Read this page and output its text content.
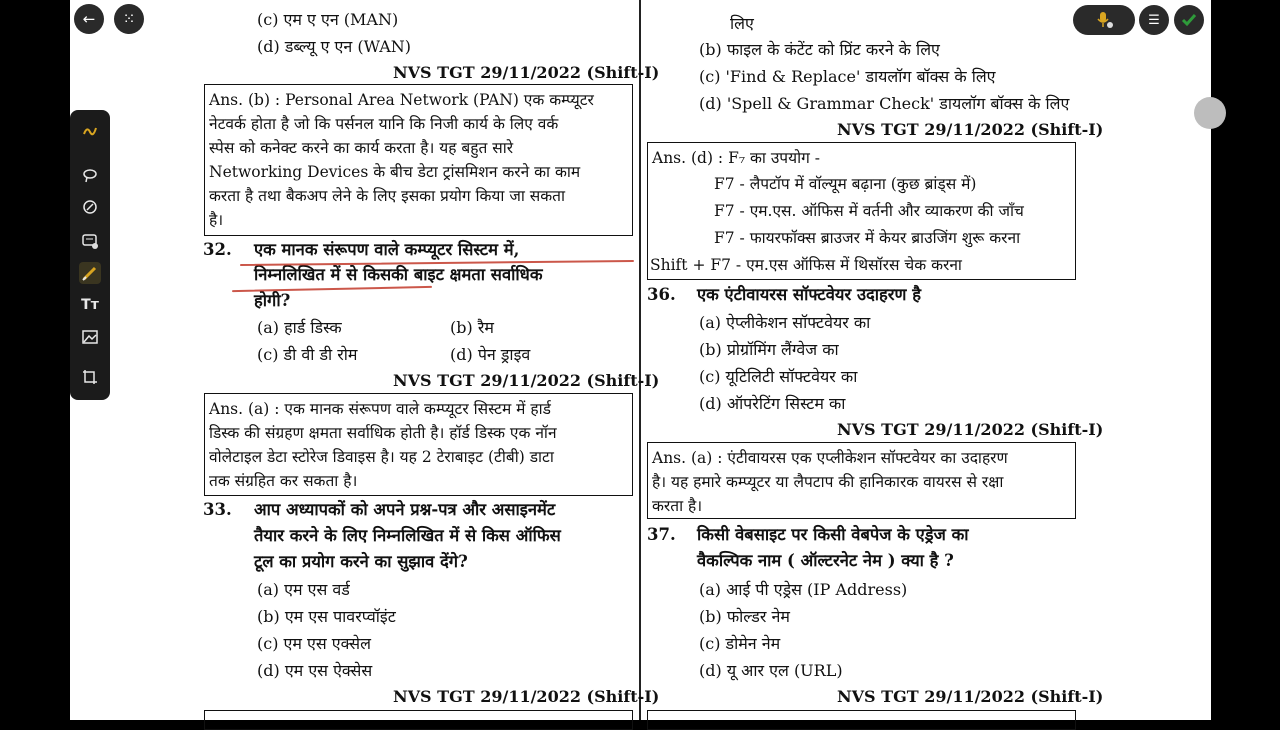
(c) एम ए एन (MAN)
(d) डब्ल्यू ए एन (WAN)
NVS TGT 29/11/2022 (Shift-I)
Ans. (b) : Personal Area Network (PAN) एक कम्प्यूटर
नेटवर्क होता है जो कि पर्सनल यानि कि निजी कार्य के लिए वर्क
स्पेस को कनेक्ट करने का कार्य करता है। यह बहुत सारे
Networking Devices के बीच डेटा ट्रांसमिशन करने का काम
करता है तथा बैकअप लेने के लिए इसका प्रयोग किया जा सकता
है।
32. एक मानक संरूपण वाले कम्प्यूटर सिस्टम में,
निम्नलिखित में से किसकी बाइट क्षमता सर्वाधिक
होगी?
(a) हार्ड डिस्क	(b) रैम
(c) डी वी डी रोम	(d) पेन ड्राइव
NVS TGT 29/11/2022 (Shift-I)
Ans. (a) : एक मानक संरूपण वाले कम्प्यूटर सिस्टम में हार्ड
डिस्क की संग्रहण क्षमता सर्वाधिक होती है। हॉर्ड डिस्क एक नॉन
वोलेटाइल डेटा स्टोरेज डिवाइस है। यह 2 टेराबाइट (टीबी) डाटा
तक संग्रहित कर सकता है।
33. आप अध्यापकों को अपने प्रश्न-पत्र और असाइनमेंट
तैयार करने के लिए निम्नलिखित में से किस ऑफिस
टूल का प्रयोग करने का सुझाव देंगे?
(a) एम एस वर्ड
(b) एम एस पावरप्वॉइंट
(c) एम एस एक्सेल
(d) एम एस ऐक्सेस
NVS TGT 29/11/2022 (Shift-I)
लिए
(b) फाइल के कंटेंट को प्रिंट करने के लिए
(c) 'Find & Replace' डायलॉग बॉक्स के लिए
(d) 'Spell & Grammar Check' डायलॉग बॉक्स के लिए
NVS TGT 29/11/2022 (Shift-I)
Ans. (d) : F₇ का उपयोग -
F7 - लैपटॉप में वॉल्यूम बढ़ाना (कुछ ब्रांड्स में)
F7 - एम.एस. ऑफिस में वर्तनी और व्याकरण की जाँच
F7 - फायरफॉक्स ब्राउजर में केयर ब्राउजिंग शुरू करना
Shift + F7 - एम.एस ऑफिस में थिसॉरस चेक करना
36. एक एंटीवायरस सॉफ्टवेयर उदाहरण है
(a) ऐप्लीकेशन सॉफ्टवेयर का
(b) प्रोग्रॉमिंग लैंग्वेज का
(c) यूटिलिटी सॉफ्टवेयर का
(d) ऑपरेटिंग सिस्टम का
NVS TGT 29/11/2022 (Shift-I)
Ans. (a) : एंटीवायरस एक एप्लीकेशन सॉफ्टवेयर का उदाहरण
है। यह हमारे कम्प्यूटर या लैपटाप की हानिकारक वायरस से रक्षा
करता है।
37. किसी वेबसाइट पर किसी वेबपेज के एड्रेज का
वैकल्पिक नाम ( ऑल्टरनेट नेम ) क्या है ?
(a) आई पी एड्रेस (IP Address)
(b) फोल्डर नेम
(c) डोमेन नेम
(d) यू आर एल (URL)
NVS TGT 29/11/2022 (Shift-I)
← ⁙	☰
Tт
